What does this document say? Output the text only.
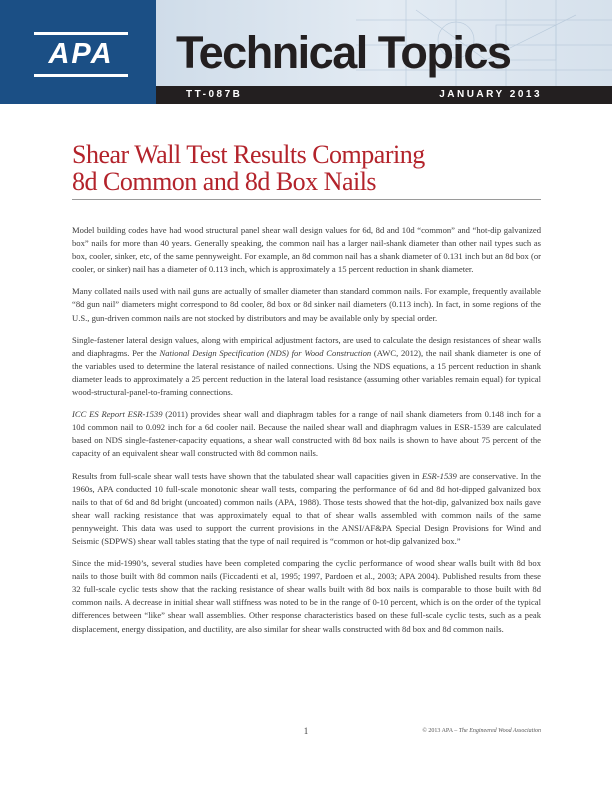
APA	Technical Topics
TT-087B	JANUARY 2013
Shear Wall Test Results Comparing
8d Common and 8d Box Nails

Model building codes have had wood structural panel shear wall design values for 6d, 8d and 10d “common” and “hot-dip galvanized box” nails for more than 40 years. Generally speaking, the common nail has a larger nail-shank diameter than other nail types such as box, cooler, sinker, etc, of the same pennyweight. For example, an 8d common nail has a shank diameter of 0.131 inch but an 8d box (or cooler, or sinker) nail has a diameter of 0.113 inch, which is approximately a 15 percent reduction in shank diameter.

Many collated nails used with nail guns are actually of smaller diameter than standard common nails. For example, frequently available “8d gun nail” diameters might correspond to 8d cooler, 8d box or 8d sinker nail diameters (0.113 inch). In fact, in some regions of the U.S., gun-driven common nails are not stocked by distributors and may be available only by special order.

Single-fastener lateral design values, along with empirical adjustment factors, are used to calculate the design resistances of shear walls and diaphragms. Per the National Design Specification (NDS) for Wood Construction (AWC, 2012), the nail shank diameter is one of the variables used to determine the lateral resistance of nailed connections. Using the NDS equations, a 15 percent reduction in shank diameter leads to approximately a 25 percent reduction in the lateral load resistance (assuming other variables remain equal) for typical wood-structural-panel-to-framing connections.

ICC ES Report ESR-1539 (2011) provides shear wall and diaphragm tables for a range of nail shank diameters from 0.148 inch for a 10d common nail to 0.092 inch for a 6d cooler nail. Because the nailed shear wall and diaphragm values in ESR-1539 are calculated based on NDS single-fastener-capacity equations, a shear wall constructed with 8d box nails is shown to have about 75 percent of the capacity of an equivalent shear wall constructed with 8d common nails.

Results from full-scale shear wall tests have shown that the tabulated shear wall capacities given in ESR-1539 are conservative. In the 1960s, APA conducted 10 full-scale monotonic shear wall tests, comparing the performance of 6d and 8d hot-dipped galvanized box nails to that of 6d and 8d bright (uncoated) common nails (APA, 1988). Those tests showed that the hot-dip, galvanized box nails gave shear wall racking resistance that was approximately equal to that of shear walls assembled with common nails of the same pennyweight. This data was used to support the current provisions in the ANSI/AF&PA Special Design Provisions for Wind and Seismic (SDPWS) shear wall tables stating that the type of nail required is “common or hot-dip galvanized box.”

Since the mid-1990’s, several studies have been completed comparing the cyclic performance of wood shear walls built with 8d box nails to those built with 8d common nails (Ficcadenti et al, 1995; 1997, Pardoen et al., 2003; APA 2004). Published results from these 32 full-scale cyclic tests show that the racking resistance of shear walls built with 8d box nails is comparable to those built with 8d common nails. A decrease in initial shear wall stiffness was noted to be in the range of 0-10 percent, which is on the order of the typical differences between “like” shear wall assemblies. Other response characteristics based on these full-scale cyclic tests, such as a peak displacement, energy dissipation, and ductility, are also similar for shear walls constructed with 8d box and 8d common nails.

1	© 2013 APA – The Engineered Wood Association
